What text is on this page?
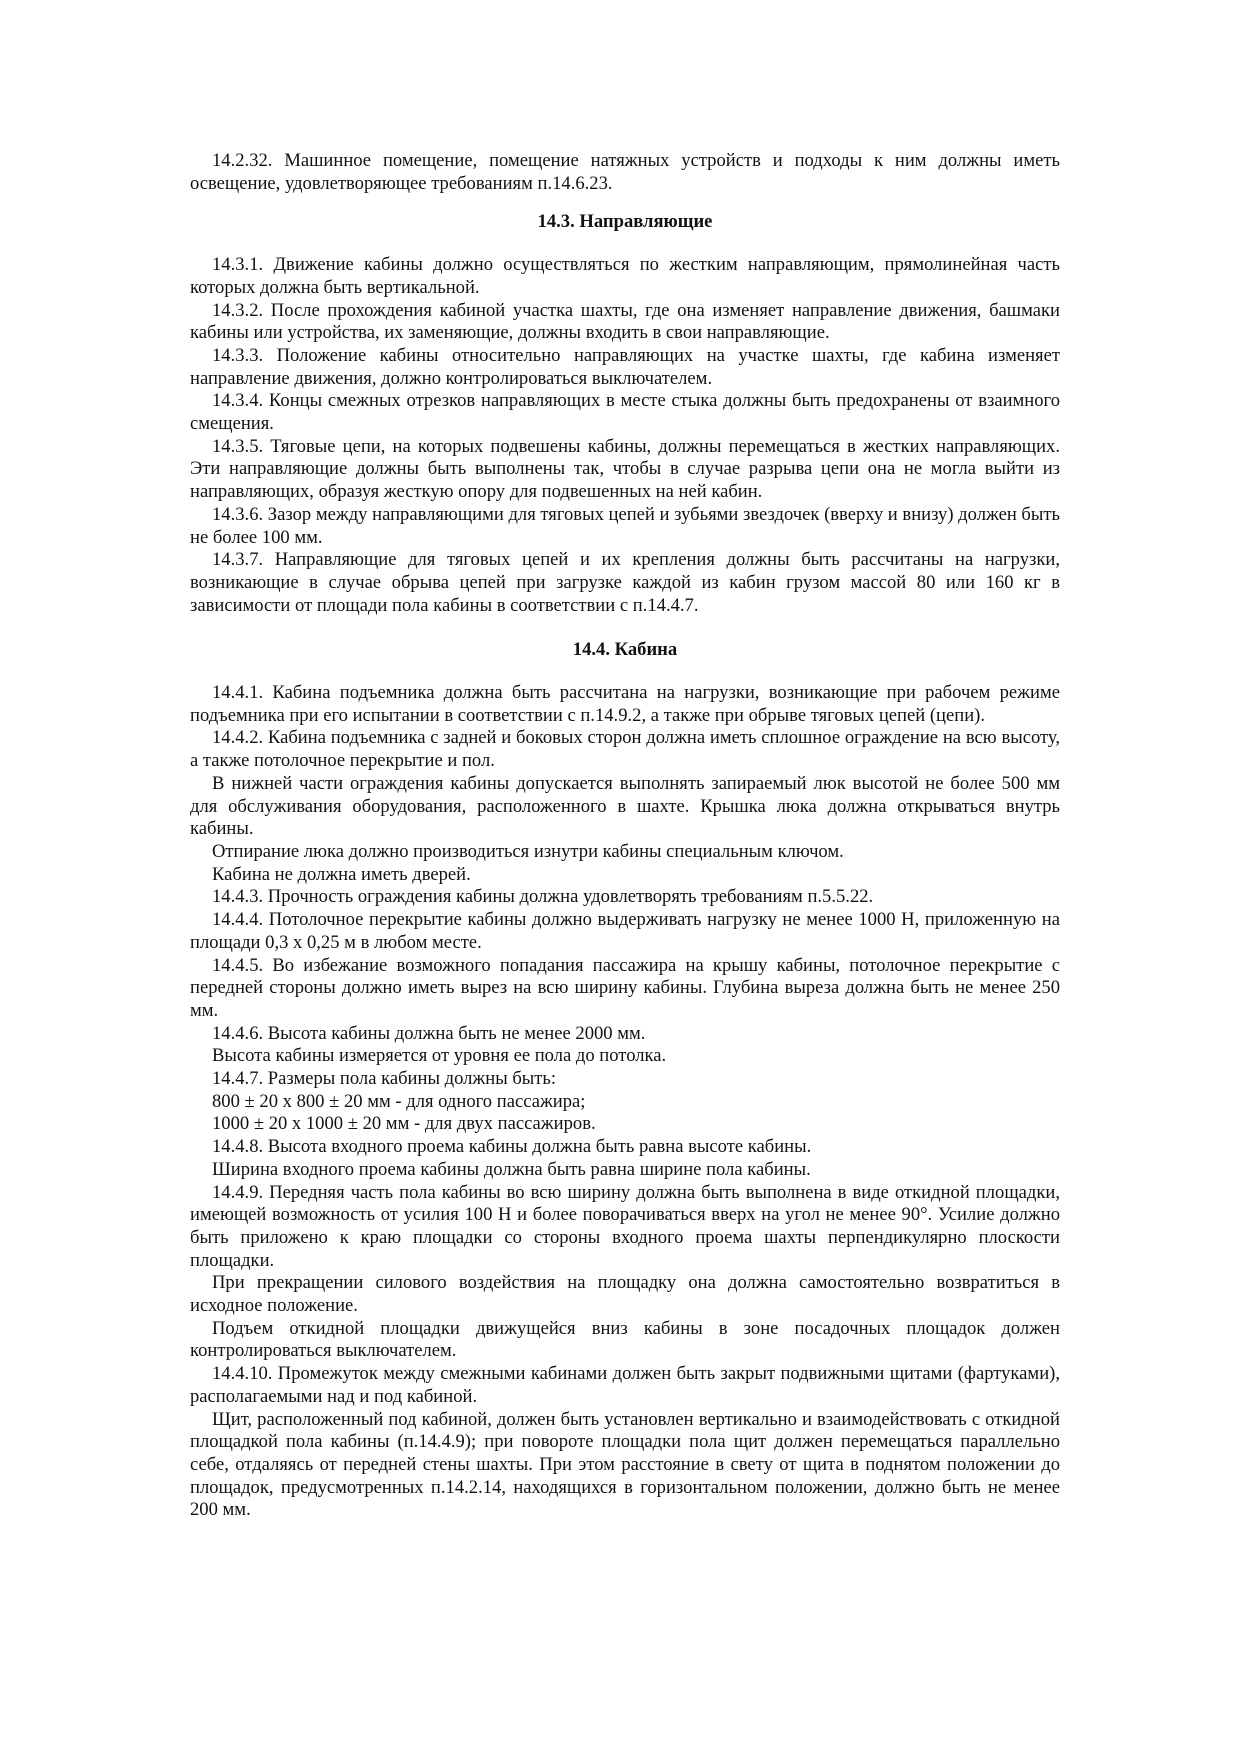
14.2.32. Машинное помещение, помещение натяжных устройств и подходы к ним должны иметь освещение, удовлетворяющее требованиям п.14.6.23.

14.3. Направляющие

14.3.1. Движение кабины должно осуществляться по жестким направляющим, прямолинейная часть которых должна быть вертикальной.

14.3.2. После прохождения кабиной участка шахты, где она изменяет направление движения, башмаки кабины или устройства, их заменяющие, должны входить в свои направляющие.

14.3.3. Положение кабины относительно направляющих на участке шахты, где кабина изменяет направление движения, должно контролироваться выключателем.

14.3.4. Концы смежных отрезков направляющих в месте стыка должны быть предохранены от взаимного смещения.

14.3.5. Тяговые цепи, на которых подвешены кабины, должны перемещаться в жестких направляющих. Эти направляющие должны быть выполнены так, чтобы в случае разрыва цепи она не могла выйти из направляющих, образуя жесткую опору для подвешенных на ней кабин.

14.3.6. Зазор между направляющими для тяговых цепей и зубьями звездочек (вверху и внизу) должен быть не более 100 мм.

14.3.7. Направляющие для тяговых цепей и их крепления должны быть рассчитаны на нагрузки, возникающие в случае обрыва цепей при загрузке каждой из кабин грузом массой 80 или 160 кг в зависимости от площади пола кабины в соответствии с п.14.4.7.

14.4. Кабина

14.4.1. Кабина подъемника должна быть рассчитана на нагрузки, возникающие при рабочем режиме подъемника при его испытании в соответствии с п.14.9.2, а также при обрыве тяговых цепей (цепи).

14.4.2. Кабина подъемника с задней и боковых сторон должна иметь сплошное ограждение на всю высоту, а также потолочное перекрытие и пол.

В нижней части ограждения кабины допускается выполнять запираемый люк высотой не более 500 мм для обслуживания оборудования, расположенного в шахте. Крышка люка должна открываться внутрь кабины.

Отпирание люка должно производиться изнутри кабины специальным ключом.

Кабина не должна иметь дверей.

14.4.3. Прочность ограждения кабины должна удовлетворять требованиям п.5.5.22.

14.4.4. Потолочное перекрытие кабины должно выдерживать нагрузку не менее 1000 Н, приложенную на площади 0,3 х 0,25 м в любом месте.

14.4.5. Во избежание возможного попадания пассажира на крышу кабины, потолочное перекрытие с передней стороны должно иметь вырез на всю ширину кабины. Глубина выреза должна быть не менее 250 мм.

14.4.6. Высота кабины должна быть не менее 2000 мм.

Высота кабины измеряется от уровня ее пола до потолка.

14.4.7. Размеры пола кабины должны быть:

800 ± 20 х 800 ± 20 мм - для одного пассажира;

1000 ± 20 х 1000 ± 20 мм - для двух пассажиров.

14.4.8. Высота входного проема кабины должна быть равна высоте кабины.

Ширина входного проема кабины должна быть равна ширине пола кабины.

14.4.9. Передняя часть пола кабины во всю ширину должна быть выполнена в виде откидной площадки, имеющей возможность от усилия 100 Н и более поворачиваться вверх на угол не менее 90°. Усилие должно быть приложено к краю площадки со стороны входного проема шахты перпендикулярно плоскости площадки.

При прекращении силового воздействия на площадку она должна самостоятельно возвратиться в исходное положение.

Подъем откидной площадки движущейся вниз кабины в зоне посадочных площадок должен контролироваться выключателем.

14.4.10. Промежуток между смежными кабинами должен быть закрыт подвижными щитами (фартуками), располагаемыми над и под кабиной.

Щит, расположенный под кабиной, должен быть установлен вертикально и взаимодействовать с откидной площадкой пола кабины (п.14.4.9); при повороте площадки пола щит должен перемещаться параллельно себе, отдаляясь от передней стены шахты. При этом расстояние в свету от щита в поднятом положении до площадок, предусмотренных п.14.2.14, находящихся в горизонтальном положении, должно быть не менее 200 мм.
